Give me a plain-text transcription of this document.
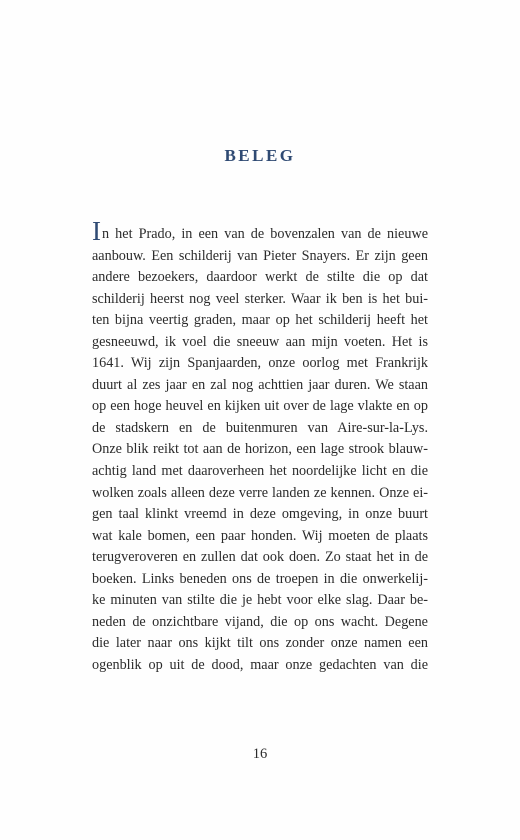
BELEG
In het Prado, in een van de bovenzalen van de nieuwe
aanbouw. Een schilderij van Pieter Snayers. Er zijn geen
andere bezoekers, daardoor werkt de stilte die op dat
schilderij heerst nog veel sterker. Waar ik ben is het bui-
ten bijna veertig graden, maar op het schilderij heeft het
gesneeuwd, ik voel die sneeuw aan mijn voeten. Het is
1641. Wij zijn Spanjaarden, onze oorlog met Frankrijk
duurt al zes jaar en zal nog achttien jaar duren. We staan
op een hoge heuvel en kijken uit over de lage vlakte en op
de stadskern en de buitenmuren van Aire-sur-la-Lys.
Onze blik reikt tot aan de horizon, een lage strook blauw-
achtig land met daaroverheen het noordelijke licht en die
wolken zoals alleen deze verre landen ze kennen. Onze ei-
gen taal klinkt vreemd in deze omgeving, in onze buurt
wat kale bomen, een paar honden. Wij moeten de plaats
terugveroveren en zullen dat ook doen. Zo staat het in de
boeken. Links beneden ons de troepen in die onwerkelij-
ke minuten van stilte die je hebt voor elke slag. Daar be-
neden de onzichtbare vijand, die op ons wacht. Degene
die later naar ons kijkt tilt ons zonder onze namen een
ogenblik op uit de dood, maar onze gedachten van die
16
